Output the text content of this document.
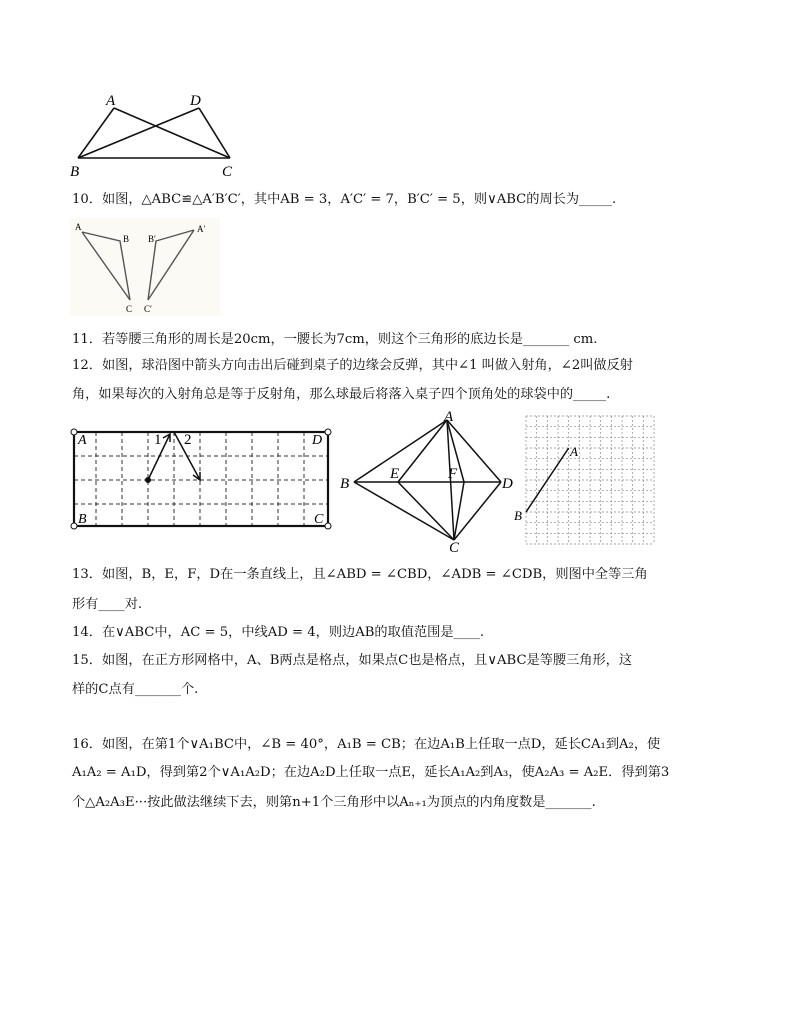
A	D
B	C
10．如图，△ABC≌△A′B′C′，其中AB = 3，A′C′ = 7，B′C′ = 5，则∨ABC的周长为_____.
A
B B′
A′
C C′
11．若等腰三角形的周长是20cm，一腰长为7cm，则这个三角形的底边长是_______ cm.
12．如图，球沿图中箭头方向击出后碰到桌子的边缘会反弹，其中∠1 叫做入射角，∠2叫做反射
角，如果每次的入射角总是等于反射角，那么球最后将落入桌子四个顶角处的球袋中的_____.
A	D
B	C
1 2
A
B
E	F
D
C
A
B
13．如图，B，E，F，D在一条直线上，且∠ABD = ∠CBD，∠ADB = ∠CDB，则图中全等三角
形有____对.
14．在∨ABC中，AC = 5，中线AD = 4，则边AB的取值范围是____.
15．如图，在正方形网格中，A、B两点是格点，如果点C也是格点，且∨ABC是等腰三角形，这
样的C点有_______个.
16．如图，在第1个∨A₁BC中，∠B = 40°，A₁B = CB；在边A₁B上任取一点D，延长CA₁到A₂，使
A₁A₂ = A₁D，得到第2个∨A₁A₂D；在边A₂D上任取一点E，延长A₁A₂到A₃，使A₂A₃ = A₂E．得到第3
个△A₂A₃E···按此做法继续下去，则第n+1个三角形中以Aₙ₊₁为顶点的内角度数是_______.
